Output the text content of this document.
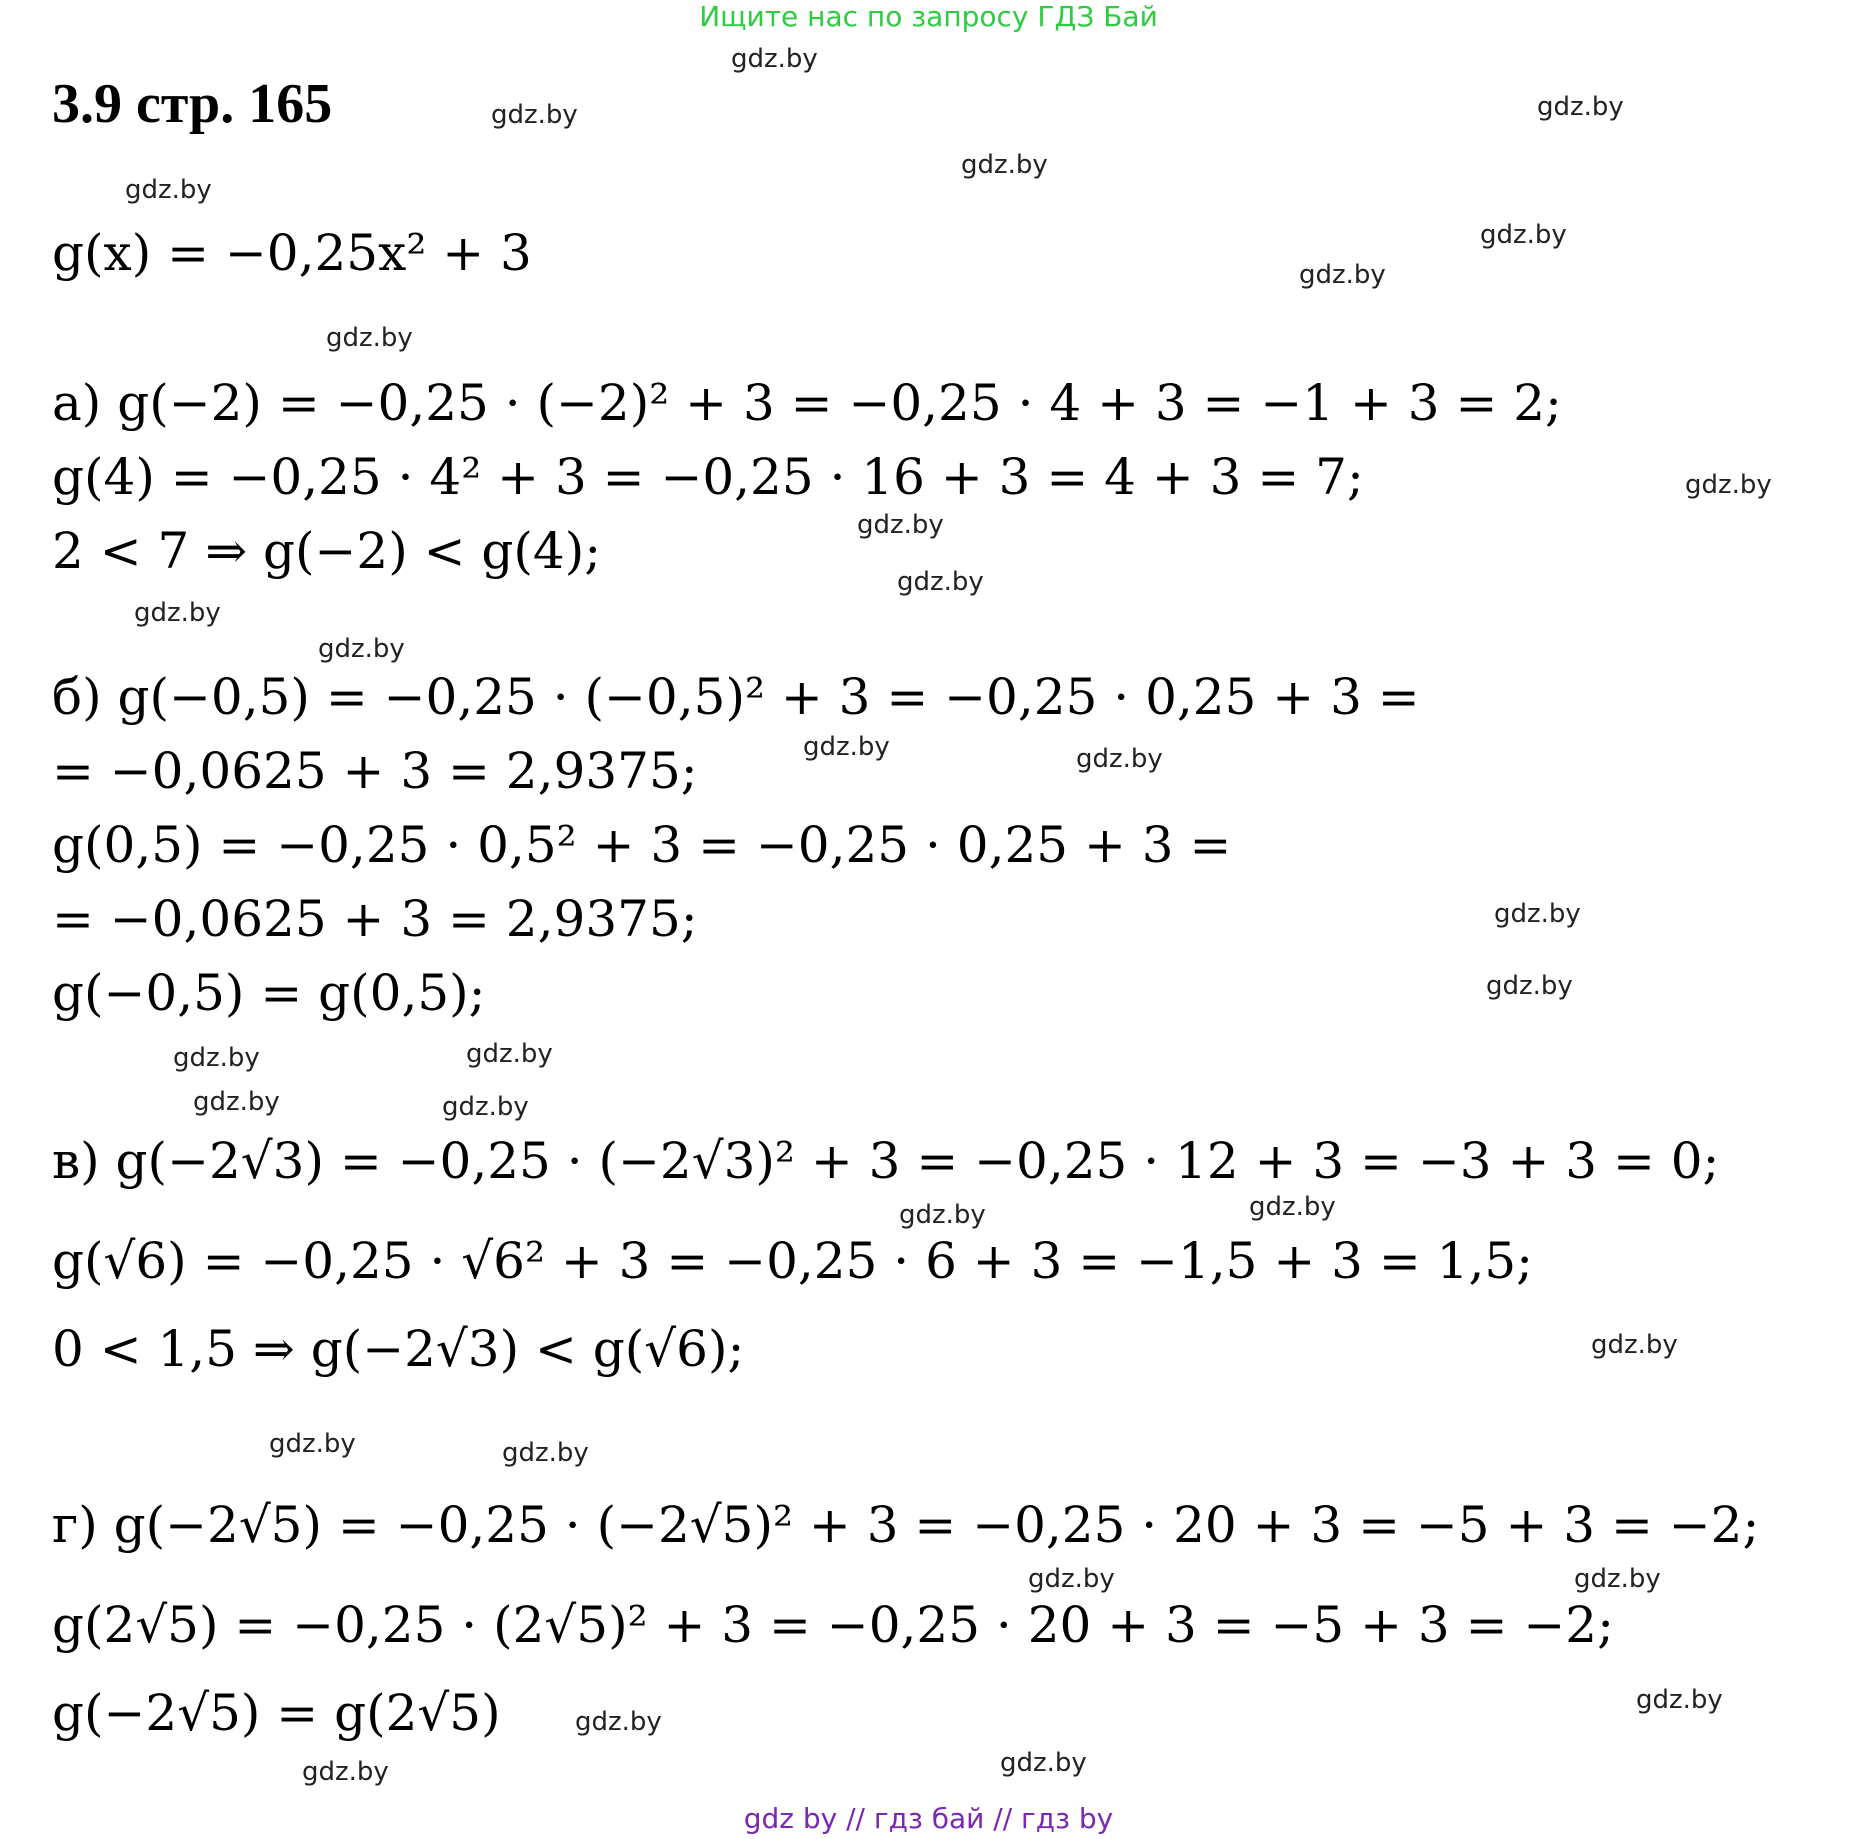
Ищите нас по запросу ГДЗ Бай
3.9 стр. 165
g(x) = −0,25x² + 3
а) g(−2) = −0,25 · (−2)² + 3 = −0,25 · 4 + 3 = −1 + 3 = 2;
g(4) = −0,25 · 4² + 3 = −0,25 · 16 + 3 = 4 + 3 = 7;
2 < 7 ⇒ g(−2) < g(4);
б) g(−0,5) = −0,25 · (−0,5)² + 3 = −0,25 · 0,25 + 3 =
= −0,0625 + 3 = 2,9375;
g(0,5) = −0,25 · 0,5² + 3 = −0,25 · 0,25 + 3 =
= −0,0625 + 3 = 2,9375;
g(−0,5) = g(0,5);
в) g(−2√3) = −0,25 · (−2√3)² + 3 = −0,25 · 12 + 3 = −3 + 3 = 0;
g(√6) = −0,25 · √6² + 3 = −0,25 · 6 + 3 = −1,5 + 3 = 1,5;
0 < 1,5 ⇒ g(−2√3) < g(√6);
г) g(−2√5) = −0,25 · (−2√5)² + 3 = −0,25 · 20 + 3 = −5 + 3 = −2;
g(2√5) = −0,25 · (2√5)² + 3 = −0,25 · 20 + 3 = −5 + 3 = −2;
g(−2√5) = g(2√5)
gdz.by
gdz.by	gdz.by
gdz.by
gdz.by
gdz.by
gdz.by
gdz.by
gdz.by
gdz.by
gdz.by
gdz.by
gdz.by
gdz.by	gdz.by
gdz.by
gdz.by
gdz.by	gdz.by
gdz.by	gdz.by
gdz.by	gdz.by
gdz.by
gdz.by	gdz.by
gdz.by	gdz.by
gdz.by
gdz.by
gdz.by	gdz.by
gdz by // гдз бай // гдз by
